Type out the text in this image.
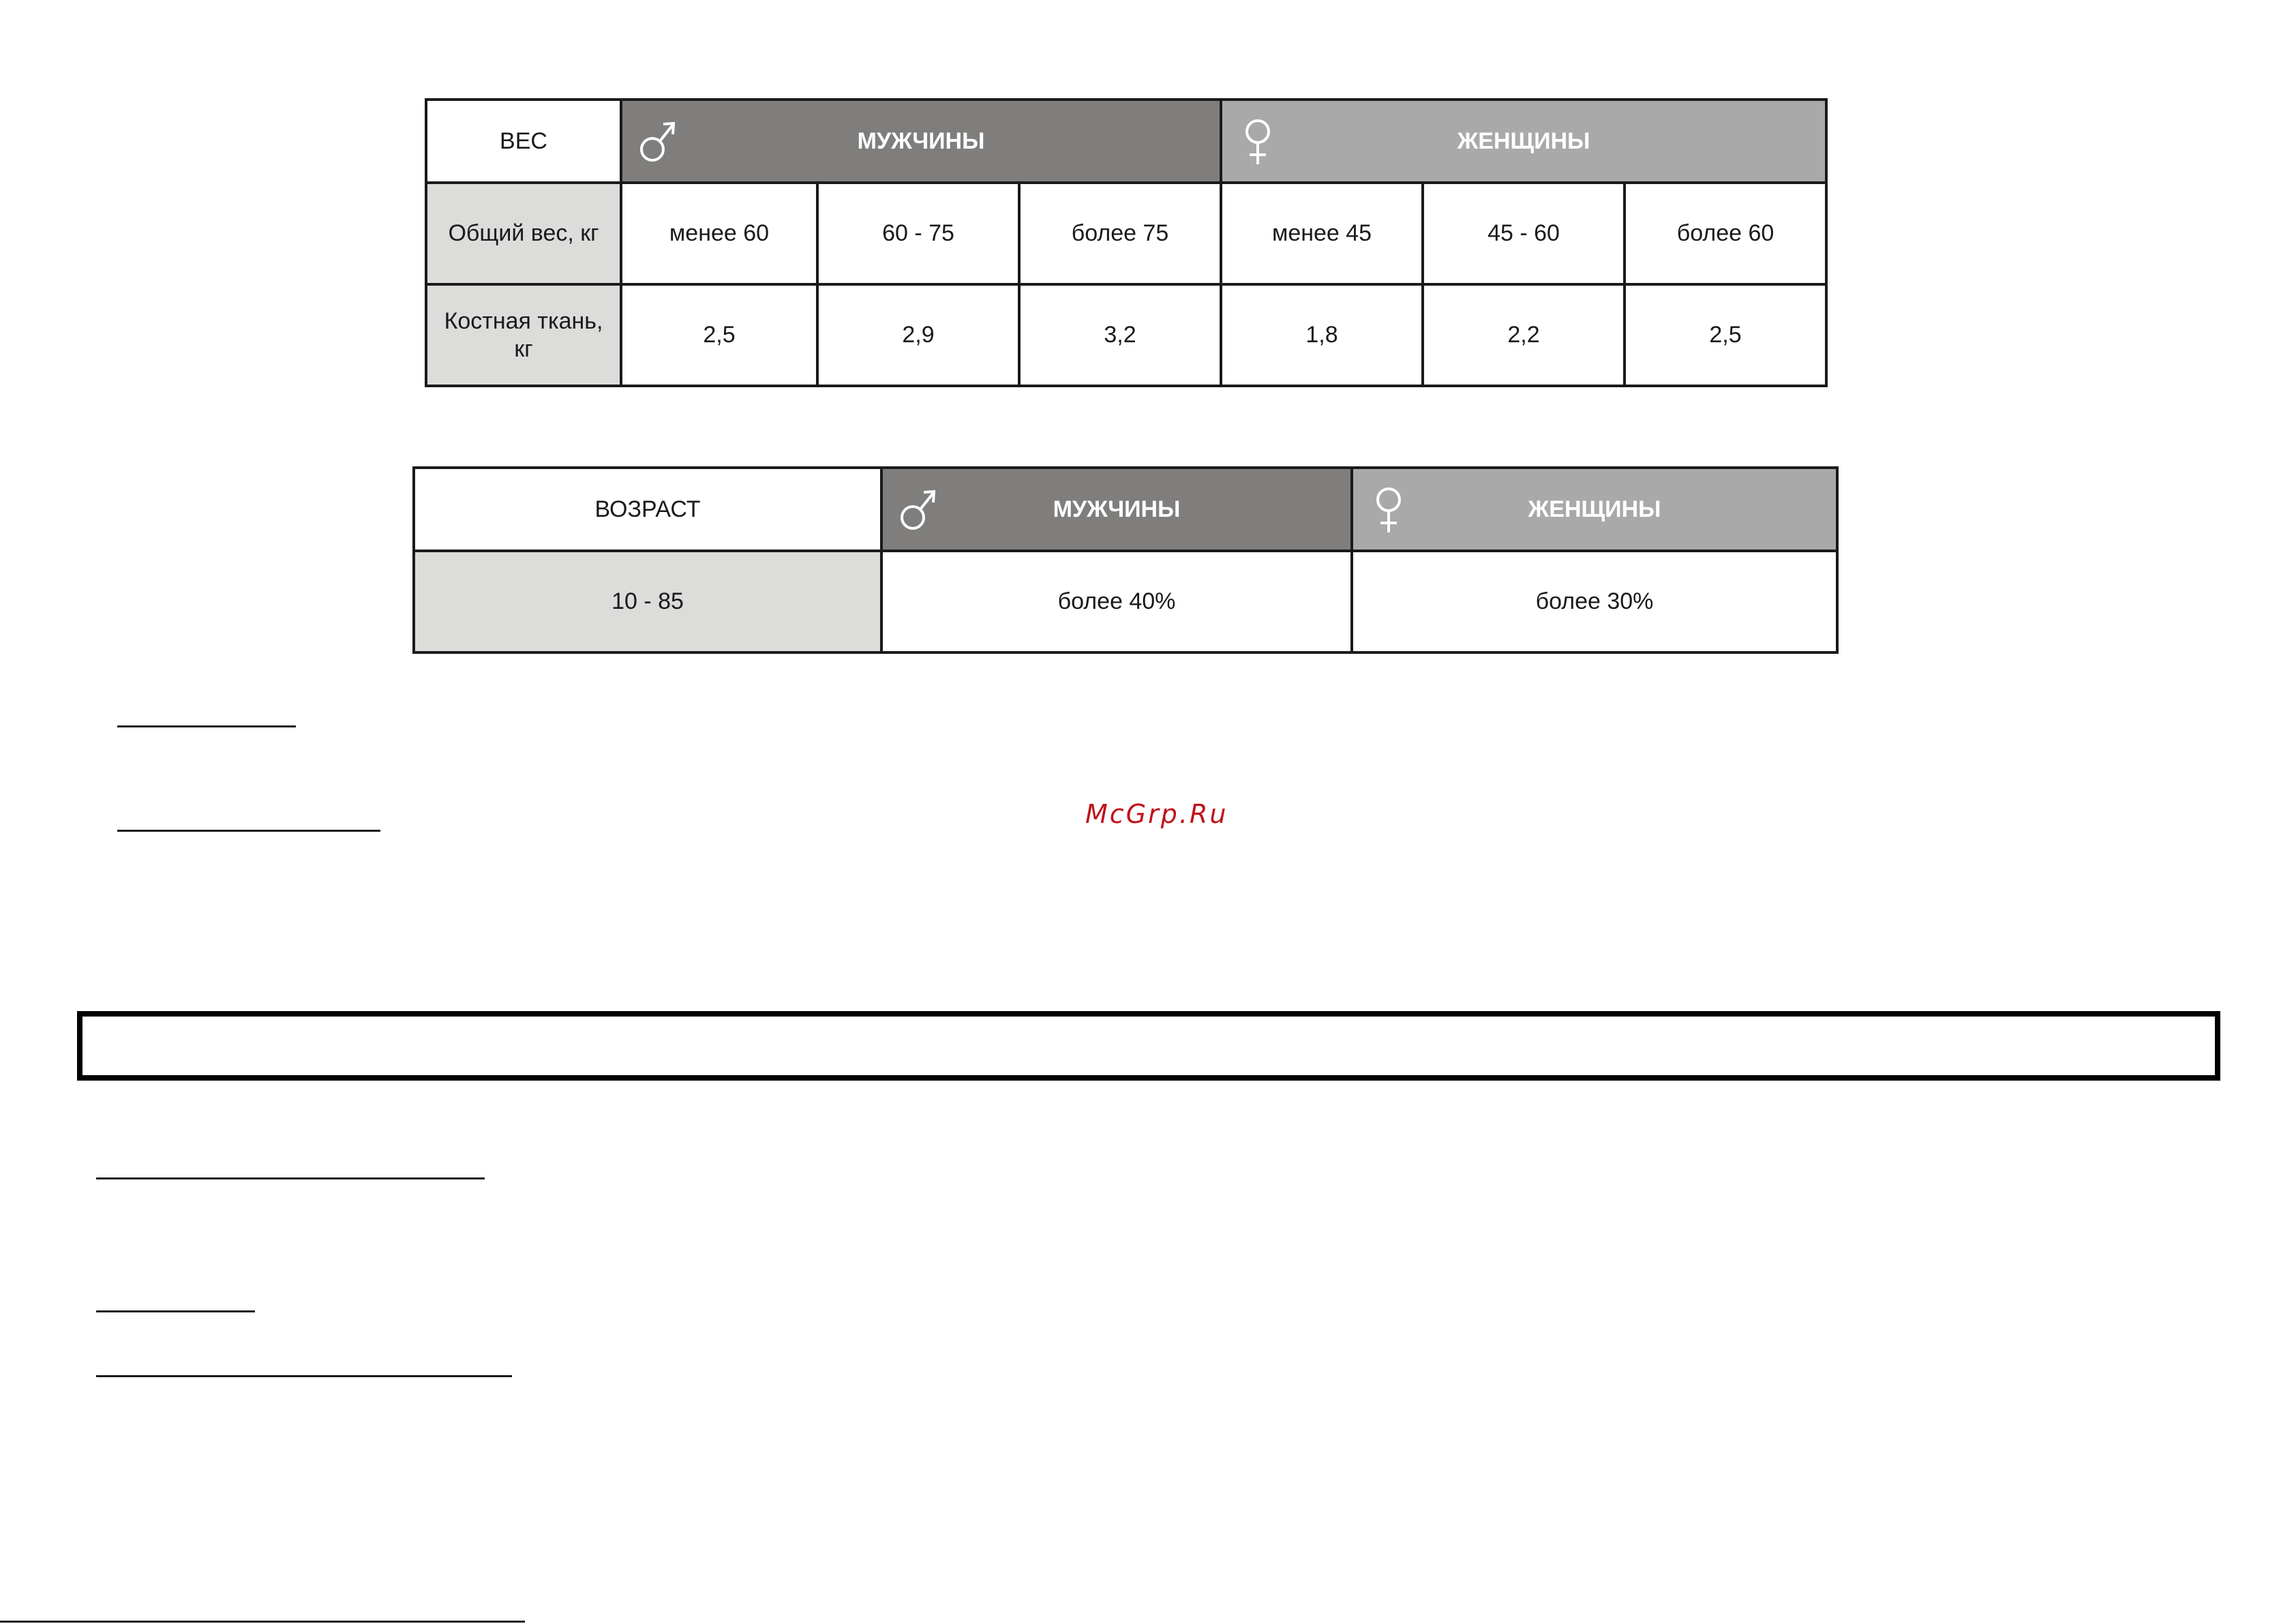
ВЕС	МУЖЧИНЫ			ЖЕНЩИНЫ		
Общий вес, кг	менее 60	60 - 75	более 75	менее 45	45 - 60	более 60
Костная ткань, кг	2,5	2,9	3,2	1,8	2,2	2,5
ВОЗРАСТ	МУЖЧИНЫ	ЖЕНЩИНЫ
10 - 85	более 40%	более 30%
McGrp.Ru
